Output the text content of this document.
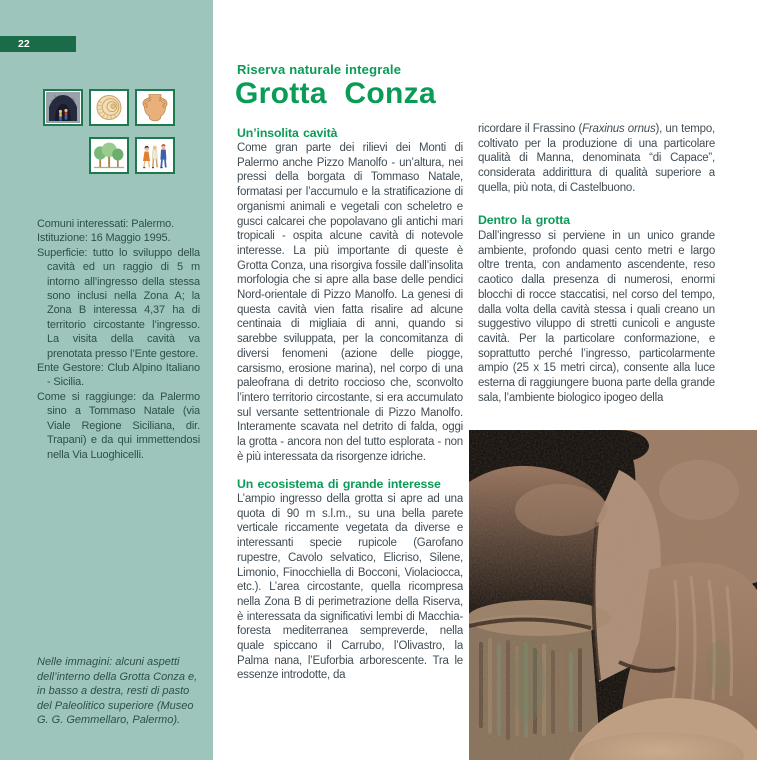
22
Comuni interessati: Palermo.
Istituzione: 16 Maggio 1995.
Superficie: tutto lo sviluppo della cavità ed un raggio di 5 m intorno all’ingresso della stessa sono inclusi nella Zona A; la Zona B interessa 4,37 ha di territorio circostante l’ingresso. La visita della cavità va prenotata presso l’Ente gestore.
Ente Gestore: Club Alpino Italiano - Sicilia.
Come si raggiunge: da Palermo sino a Tommaso Natale (via Viale Regione Siciliana, dir. Trapani) e da qui immettendosi nella Via Luoghicelli.
Nelle immagini: alcuni aspetti dell’interno della Grotta Conza e, in basso a destra, resti di pasto del Paleolitico superiore (Museo G. G. Gemmellaro, Palermo).
Riserva naturale integrale
Grotta Conza
Un’insolita cavità
Come gran parte dei rilievi dei Monti di Palermo anche Pizzo Manolfo - un’altura, nei pressi della borgata di Tommaso Natale, formatasi per l’accumulo e la stratificazione di organismi animali e vegetali con scheletro e gusci calcarei che popolavano gli antichi mari tropicali - ospita alcune cavità di notevole interesse. La più importante di queste è Grotta Conza, una risorgiva fossile dall’insolita morfologia che si apre alla base delle pendici Nord-orientale di Pizzo Manolfo. La genesi di questa cavità vien fatta risalire ad alcune centinaia di migliaia di anni, quando si sarebbe sviluppata, per la concomitanza di diversi fenomeni (azione delle piogge, carsismo, erosione marina), nel corpo di una paleofrana di detrito roccioso che, sconvolto l’intero territorio circostante, si era accumulato sul versante settentrionale di Pizzo Manolfo. Interamente scavata nel detrito di falda, oggi la grotta - ancora non del tutto esplorata - non è più interessata da risorgenze idriche.
Un ecosistema di grande interesse
L’ampio ingresso della grotta si apre ad una quota di 90 m s.l.m., su una bella parete verticale riccamente vegetata da diverse e interessanti specie rupicole (Garofano rupestre, Cavolo selvatico, Elicriso, Silene, Limonio, Finocchiella di Bocconi, Violaciocca, etc.). L’area circostante, quella ricompresa nella Zona B di perimetrazione della Riserva, è interessata da significativi lembi di Macchia-foresta mediterranea sempreverde, nella quale spiccano il Carrubo, l’Olivastro, la Palma nana, l’Euforbia arborescente. Tra le essenze introdotte, da
ricordare il Frassino (Fraxinus ornus), un tempo, coltivato per la produzione di una particolare qualità di Manna, denominata “di Capace”, considerata addirittura di qualità superiore a quella, più nota, di Castelbuono.
Dentro la grotta
Dall’ingresso si perviene in un unico grande ambiente, profondo quasi cento metri e largo oltre trenta, con andamento ascendente, reso caotico dalla presenza di numerosi, enormi blocchi di rocce staccatisi, nel corso del tempo, dalla volta della cavità stessa i quali creano un suggestivo viluppo di stretti cunicoli e anguste cavità. Per la particolare conformazione, e soprattutto perché l’ingresso, particolarmente ampio (25 x 15 metri circa), consente alla luce esterna di raggiungere buona parte della grande sala, l’ambiente biologico ipogeo della
